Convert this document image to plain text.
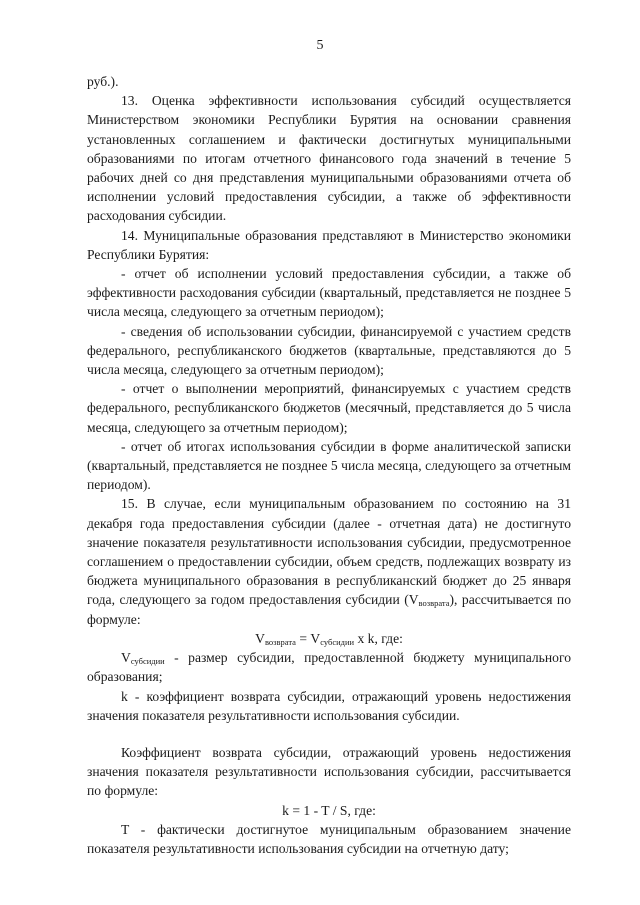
5

руб.).

13. Оценка эффективности использования субсидий осуществляется Министерством экономики Республики Бурятия на основании сравнения установленных соглашением и фактически достигнутых муниципальными образованиями по итогам отчетного финансового года значений в течение 5 рабочих дней со дня представления муниципальными образованиями отчета об исполнении условий предоставления субсидии, а также об эффективности расходования субсидии.

14. Муниципальные образования представляют в Министерство экономики Республики Бурятия:

- отчет об исполнении условий предоставления субсидии, а также об эффективности расходования субсидии (квартальный, представляется не позднее 5 числа месяца, следующего за отчетным периодом);

- сведения об использовании субсидии, финансируемой с участием средств федерального, республиканского бюджетов (квартальные, представляются до 5 числа месяца, следующего за отчетным периодом);

- отчет о выполнении мероприятий, финансируемых с участием средств федерального, республиканского бюджетов (месячный, представляется до 5 числа месяца, следующего за отчетным периодом);

- отчет об итогах использования субсидии в форме аналитической записки (квартальный, представляется не позднее 5 числа месяца, следующего за отчетным периодом).

15. В случае, если муниципальным образованием по состоянию на 31 декабря года предоставления субсидии (далее - отчетная дата) не достигнуто значение показателя результативности использования субсидии, предусмотренное соглашением о предоставлении субсидии, объем средств, подлежащих возврату из бюджета муниципального образования в республиканский бюджет до 25 января года, следующего за годом предоставления субсидии $(V_{возврата})$, рассчитывается по формуле:

$V_{возврата} = V_{субсидии}$ x k, где:

$V_{субсидии}$ - размер субсидии, предоставленной бюджету муниципального образования;

k - коэффициент возврата субсидии, отражающий уровень недостижения значения показателя результативности использования субсидии.

Коэффициент возврата субсидии, отражающий уровень недостижения значения показателя результативности использования субсидии, рассчитывается по формуле:

k = 1 - T / S, где:

T - фактически достигнутое муниципальным образованием значение показателя результативности использования субсидии на отчетную дату;
